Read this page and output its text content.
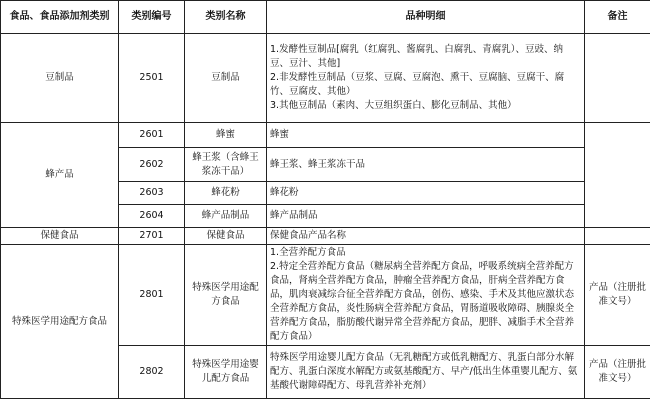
食品、食品添加剂类别	类别编号	类别名称	品种明细	备注
豆制品	2501	豆制品	1.发酵性豆制品[腐乳（红腐乳、酱腐乳、白腐乳、青腐乳）、豆豉、纳豆、豆汁、其他]
2.非发酵性豆制品（豆浆、豆腐、豆腐泡、熏干、豆腐脑、豆腐干、腐竹、豆腐皮、其他）
3.其他豆制品（素肉、大豆组织蛋白、膨化豆制品、其他）	

蜂产品	2601	蜂蜜	蜂蜜	
	2602	蜂王浆（含蜂王浆冻干品）	蜂王浆、蜂王浆冻干品	
	2603	蜂花粉	蜂花粉	
	2604	蜂产品制品	蜂产品制品	
保健食品	2701	保健食品	保健食品产品名称	
特殊医学用途配方食品	2801	特殊医学用途配方食品	1.全营养配方食品
2.特定全营养配方食品（糖尿病全营养配方食品，呼吸系统病全营养配方食品，肾病全营养配方食品，肿瘤全营养配方食品，肝病全营养配方食品，肌肉衰减综合征全营养配方食品，创伤、感染、手术及其他应激状态全营养配方食品，炎性肠病全营养配方食品，胃肠道吸收障碍、胰腺炎全营养配方食品，脂肪酸代谢异常全营养配方食品，肥胖、减脂手术全营养配方食品）	产品（注册批准文号）
	2802	特殊医学用途婴儿配方食品	特殊医学用途婴儿配方食品（无乳糖配方或低乳糖配方、乳蛋白部分水解配方、乳蛋白深度水解配方或氨基酸配方、早产/低出生体重婴儿配方、氨基酸代谢障碍配方、母乳营养补充剂）	产品（注册批准文号）
